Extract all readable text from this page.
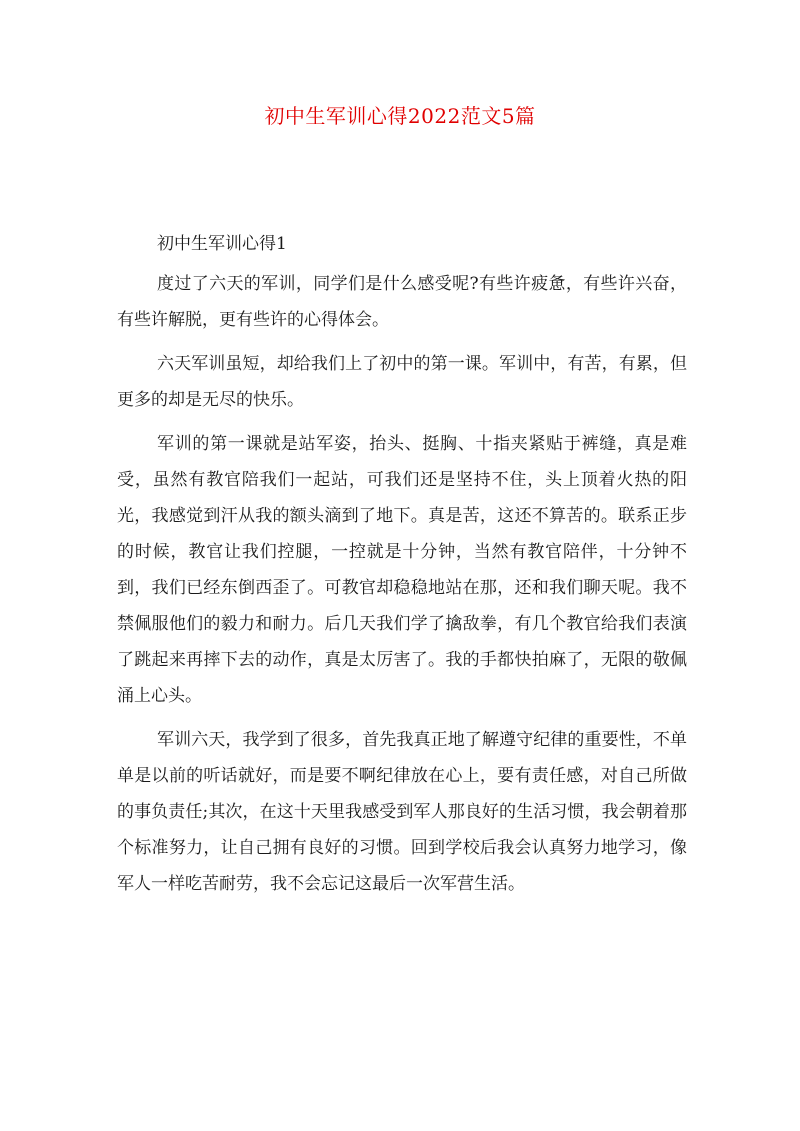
初中生军训心得2022范文5篇

初中生军训心得1

度过了六天的军训，同学们是什么感受呢?有些许疲惫，有些许兴奋，有些许解脱，更有些许的心得体会。

六天军训虽短，却给我们上了初中的第一课。军训中，有苦，有累，但更多的却是无尽的快乐。

军训的第一课就是站军姿，抬头、挺胸、十指夹紧贴于裤缝，真是难受，虽然有教官陪我们一起站，可我们还是坚持不住，头上顶着火热的阳光，我感觉到汗从我的额头滴到了地下。真是苦，这还不算苦的。联系正步的时候，教官让我们控腿，一控就是十分钟，当然有教官陪伴，十分钟不到，我们已经东倒西歪了。可教官却稳稳地站在那，还和我们聊天呢。我不禁佩服他们的毅力和耐力。后几天我们学了擒敌拳，有几个教官给我们表演了跳起来再摔下去的动作，真是太厉害了。我的手都快拍麻了，无限的敬佩涌上心头。

军训六天，我学到了很多，首先我真正地了解遵守纪律的重要性，不单单是以前的听话就好，而是要不啊纪律放在心上，要有责任感，对自己所做的事负责任;其次，在这十天里我感受到军人那良好的生活习惯，我会朝着那个标准努力，让自己拥有良好的习惯。回到学校后我会认真努力地学习，像军人一样吃苦耐劳，我不会忘记这最后一次军营生活。
